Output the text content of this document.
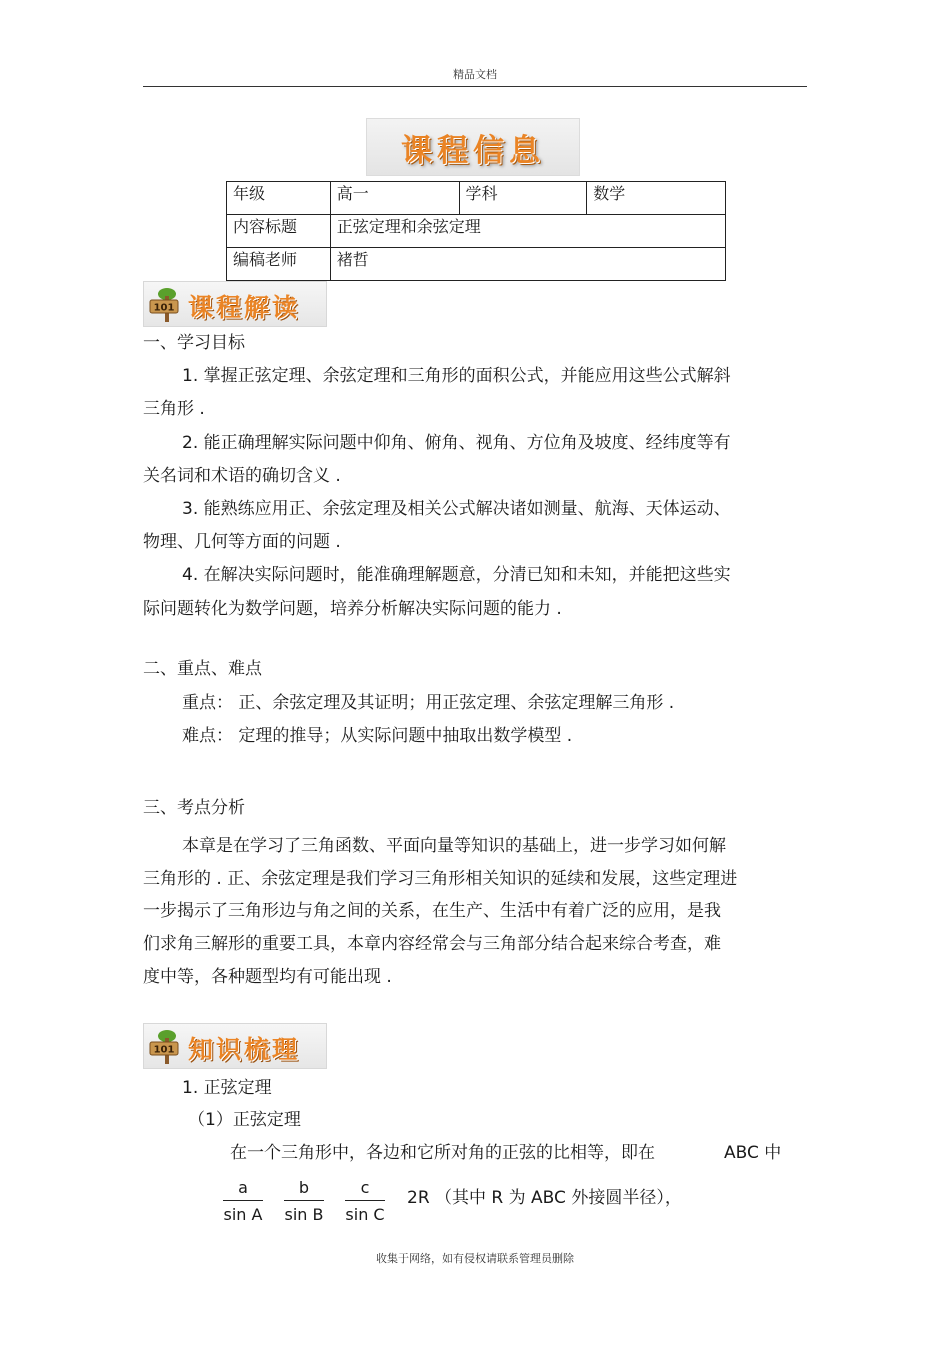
精品文档
课程信息
年级	高一	学科	数学
内容标题	正弦定理和余弦定理		
编稿老师	褚哲		
101 课程解读
一、学习目标
1. 掌握正弦定理、余弦定理和三角形的面积公式，并能应用这些公式解斜
三角形 .
2. 能正确理解实际问题中仰角、俯角、视角、方位角及坡度、经纬度等有
关名词和术语的确切含义 .
3. 能熟练应用正、余弦定理及相关公式解决诸如测量、航海、天体运动、
物理、几何等方面的问题 .
4. 在解决实际问题时，能准确理解题意，分清已知和未知，并能把这些实
际问题转化为数学问题，培养分析解决实际问题的能力 .
二、重点、难点
重点： 正、余弦定理及其证明；用正弦定理、余弦定理解三角形 .
难点： 定理的推导；从实际问题中抽取出数学模型 .
三、考点分析
本章是在学习了三角函数、平面向量等知识的基础上，进一步学习如何解
三角形的 . 正、余弦定理是我们学习三角形相关知识的延续和发展，这些定理进
一步揭示了三角形边与角之间的关系，在生产、生活中有着广泛的应用，是我
们求角三解形的重要工具，本章内容经常会与三角部分结合起来综合考查，难
度中等，各种题型均有可能出现 .
101 知识梳理
1. 正弦定理
（1）正弦定理
在一个三角形中，各边和它所对角的正弦的比相等，即在	ABC 中
a
sin A
b
sin B
c
sin C
2R （其中 R 为 ABC 外接圆半径），
收集于网络，如有侵权请联系管理员删除
